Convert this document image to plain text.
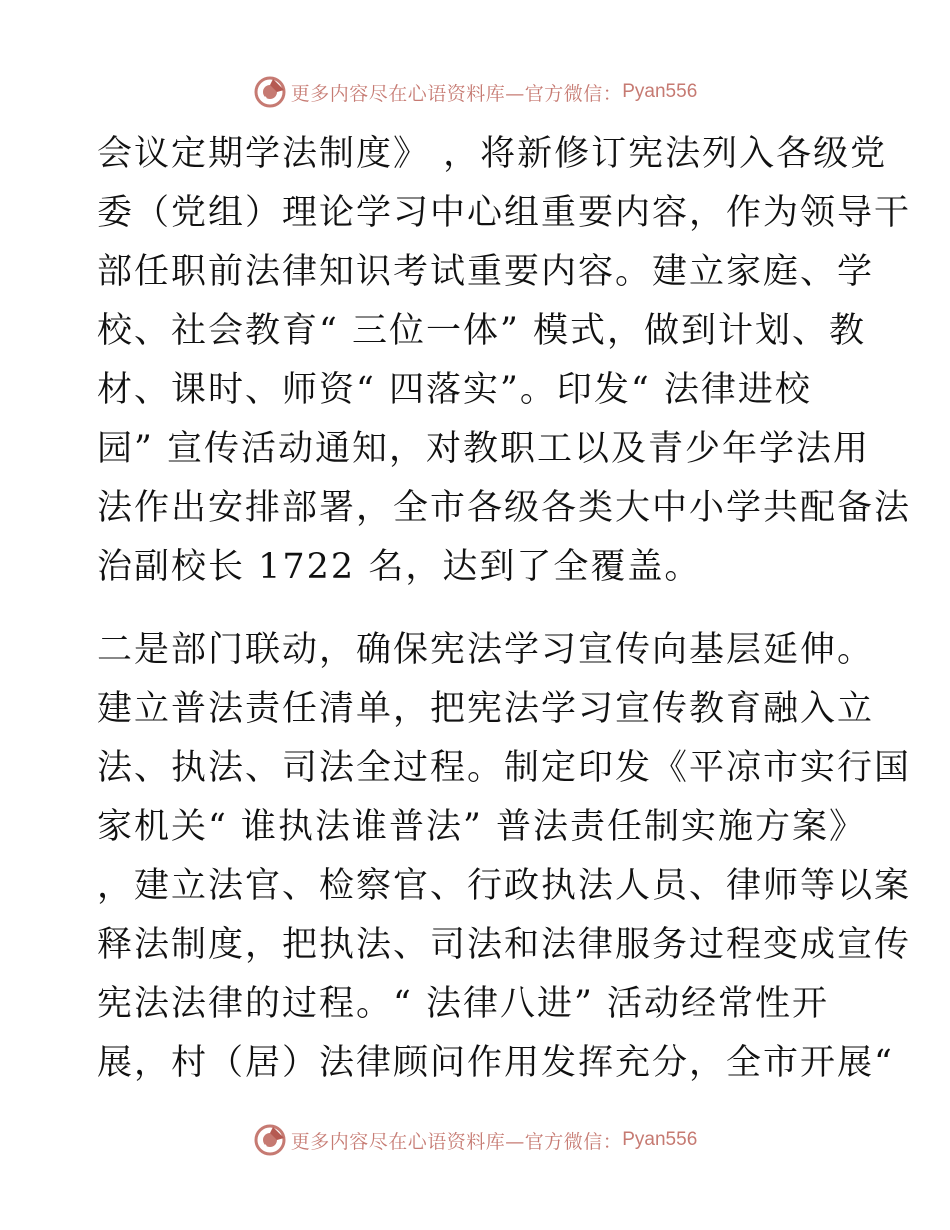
更多内容尽在心语资料库—官方微信： Pyan556
会议定期学法制度》 ，将新修订宪法列入各级党
委（党组）理论学习中心组重要内容，作为领导干
部任职前法律知识考试重要内容。建立家庭、学
校、社会教育“ 三位一体” 模式，做到计划、教
材、课时、师资“ 四落实”。印发“ 法律进校
园” 宣传活动通知，对教职工以及青少年学法用
法作出安排部署，全市各级各类大中小学共配备法
治副校长 1722 名，达到了全覆盖。
二是部门联动，确保宪法学习宣传向基层延伸。
建立普法责任清单，把宪法学习宣传教育融入立
法、执法、司法全过程。制定印发《平凉市实行国
家机关“ 谁执法谁普法” 普法责任制实施方案》
，建立法官、检察官、行政执法人员、律师等以案
释法制度，把执法、司法和法律服务过程变成宣传
宪法法律的过程。“ 法律八进” 活动经常性开
展，村（居）法律顾问作用发挥充分，全市开展“
更多内容尽在心语资料库—官方微信： Pyan556
